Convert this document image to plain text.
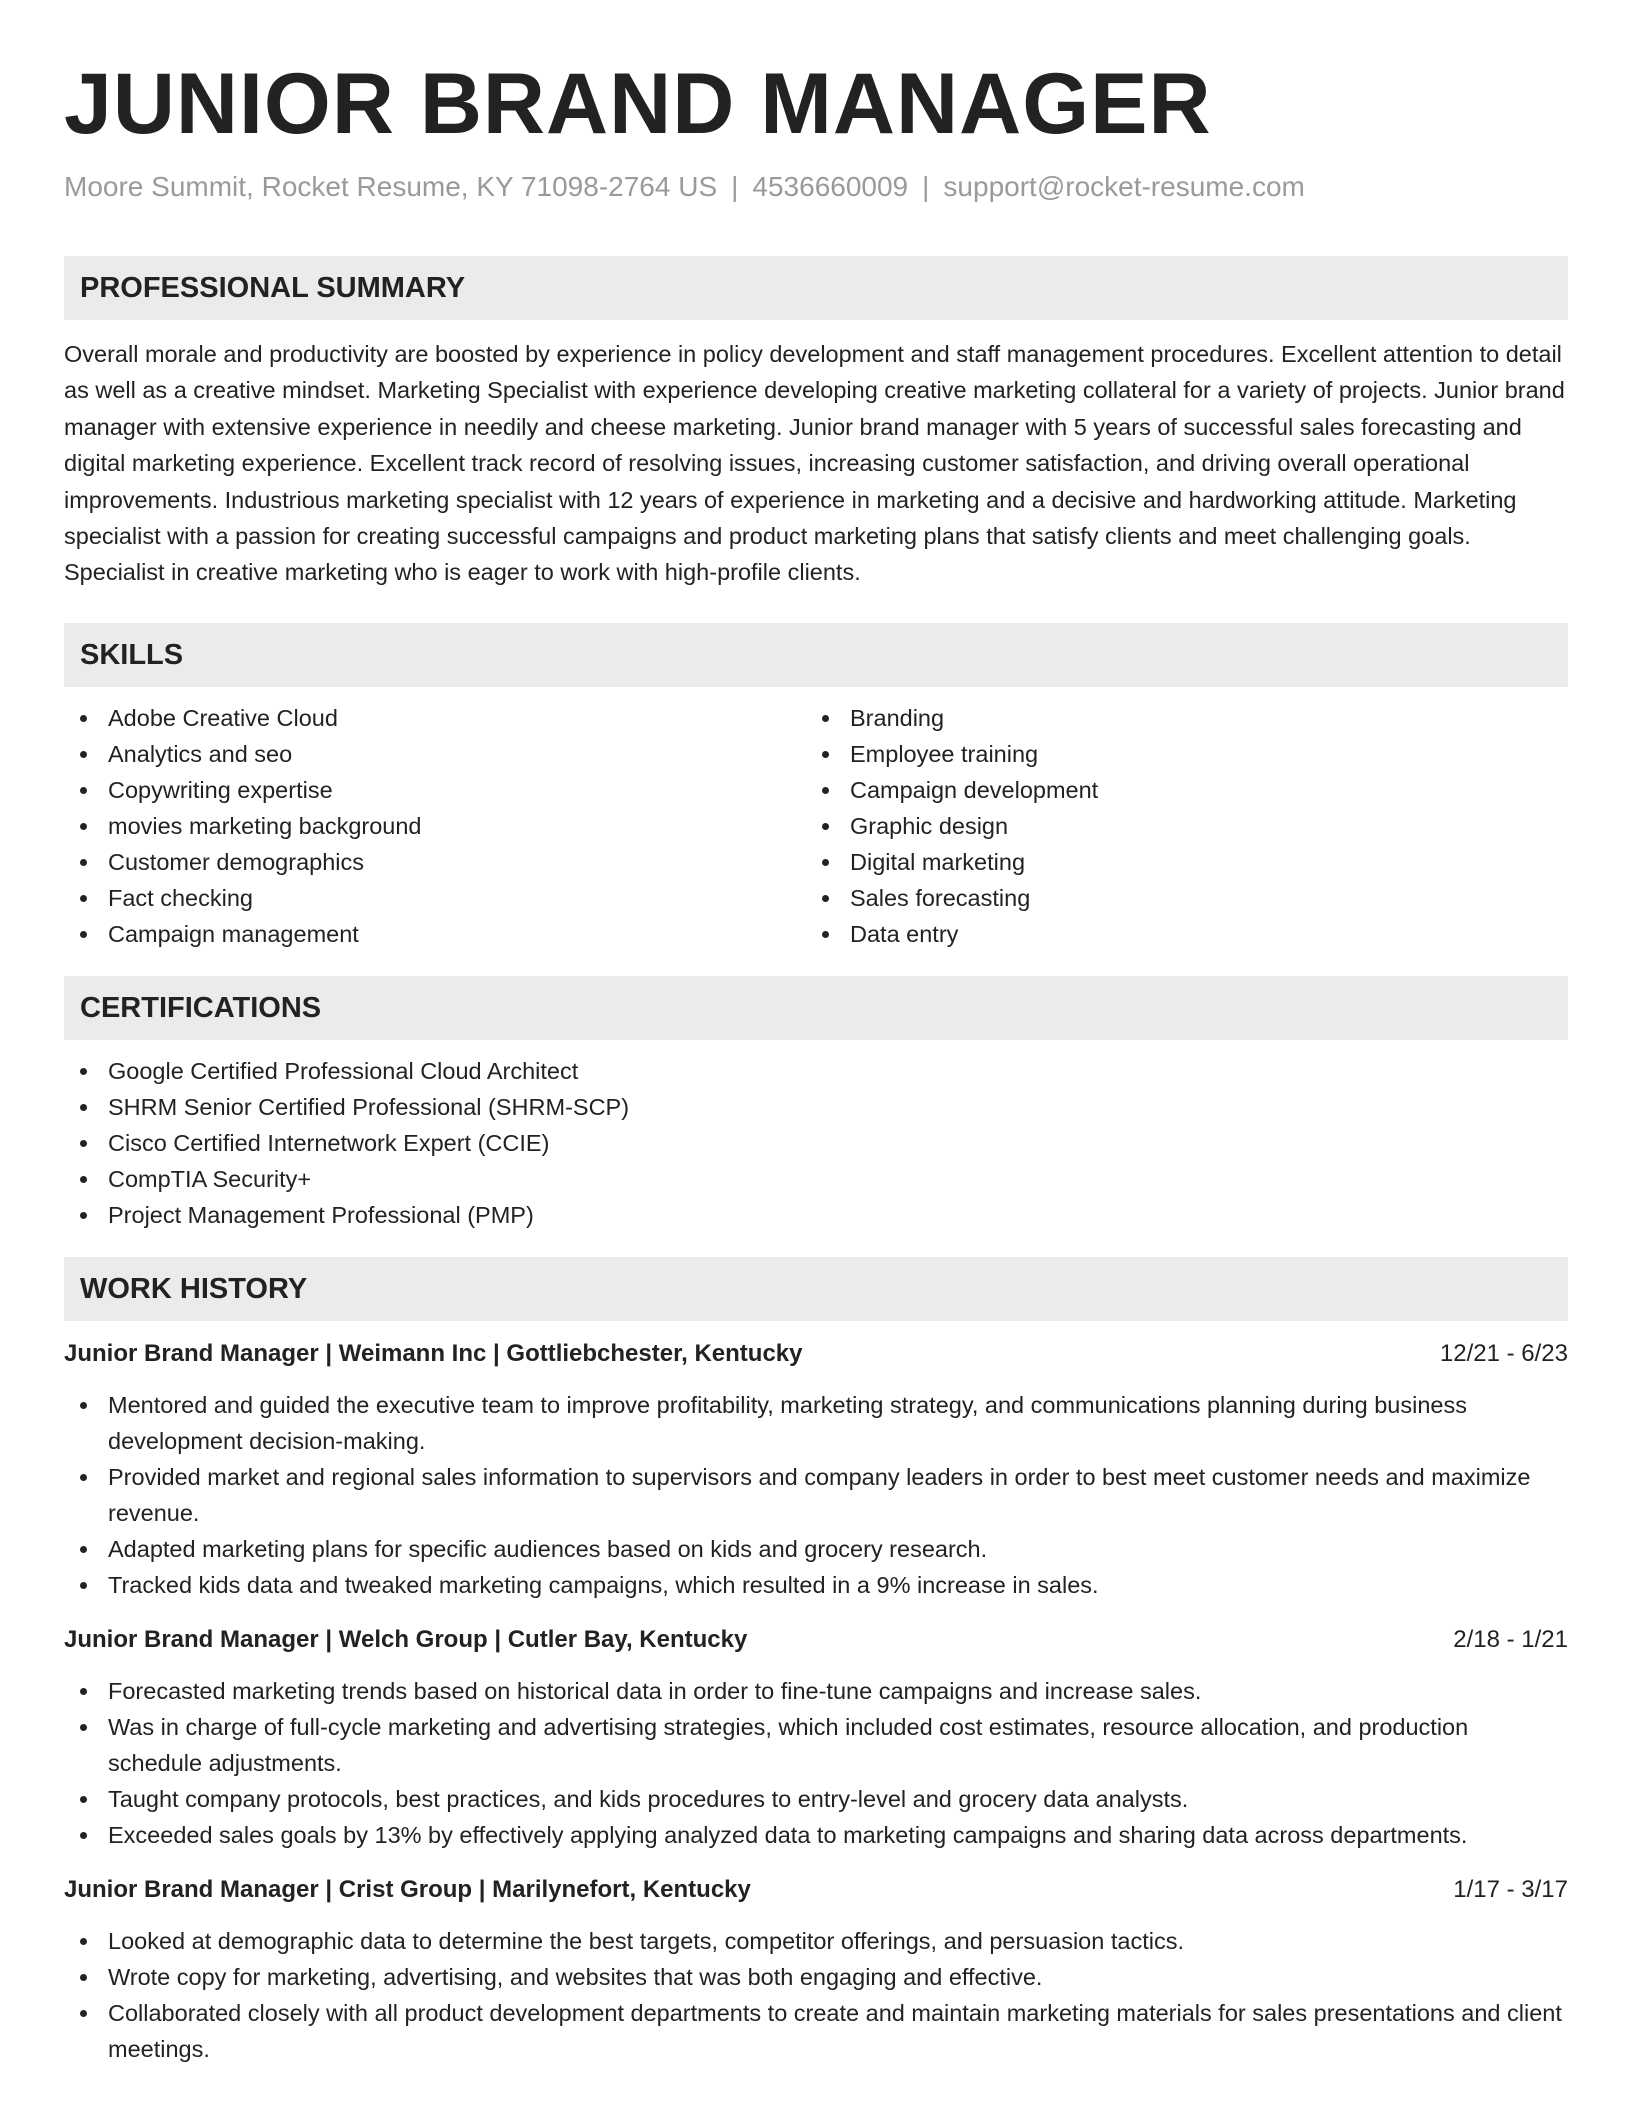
JUNIOR BRAND MANAGER
Moore Summit, Rocket Resume, KY 71098-2764 US | 4536660009 | support@rocket-resume.com
PROFESSIONAL SUMMARY

Overall morale and productivity are boosted by experience in policy development and staff management procedures. Excellent attention to detail as well as a creative mindset. Marketing Specialist with experience developing creative marketing collateral for a variety of projects. Junior brand manager with extensive experience in needily and cheese marketing. Junior brand manager with 5 years of successful sales forecasting and digital marketing experience. Excellent track record of resolving issues, increasing customer satisfaction, and driving overall operational improvements. Industrious marketing specialist with 12 years of experience in marketing and a decisive and hardworking attitude. Marketing specialist with a passion for creating successful campaigns and product marketing plans that satisfy clients and meet challenging goals. Specialist in creative marketing who is eager to work with high-profile clients.

SKILLS
Adobe Creative Cloud
Analytics and seo
Copywriting expertise
movies marketing background
Customer demographics
Fact checking
Campaign management
Branding
Employee training
Campaign development
Graphic design
Digital marketing
Sales forecasting
Data entry
CERTIFICATIONS
Google Certified Professional Cloud Architect
SHRM Senior Certified Professional (SHRM-SCP)
Cisco Certified Internetwork Expert (CCIE)
CompTIA Security+
Project Management Professional (PMP)
WORK HISTORY
Junior Brand Manager | Weimann Inc | Gottliebchester, Kentucky	12/21 - 6/23
Mentored and guided the executive team to improve profitability, marketing strategy, and communications planning during business development decision-making.
Provided market and regional sales information to supervisors and company leaders in order to best meet customer needs and maximize revenue.
Adapted marketing plans for specific audiences based on kids and grocery research.
Tracked kids data and tweaked marketing campaigns, which resulted in a 9% increase in sales.
Junior Brand Manager | Welch Group | Cutler Bay, Kentucky	2/18 - 1/21
Forecasted marketing trends based on historical data in order to fine-tune campaigns and increase sales.
Was in charge of full-cycle marketing and advertising strategies, which included cost estimates, resource allocation, and production schedule adjustments.
Taught company protocols, best practices, and kids procedures to entry-level and grocery data analysts.
Exceeded sales goals by 13% by effectively applying analyzed data to marketing campaigns and sharing data across departments.
Junior Brand Manager | Crist Group | Marilynefort, Kentucky	1/17 - 3/17
Looked at demographic data to determine the best targets, competitor offerings, and persuasion tactics.
Wrote copy for marketing, advertising, and websites that was both engaging and effective.
Collaborated closely with all product development departments to create and maintain marketing materials for sales presentations and client meetings.
